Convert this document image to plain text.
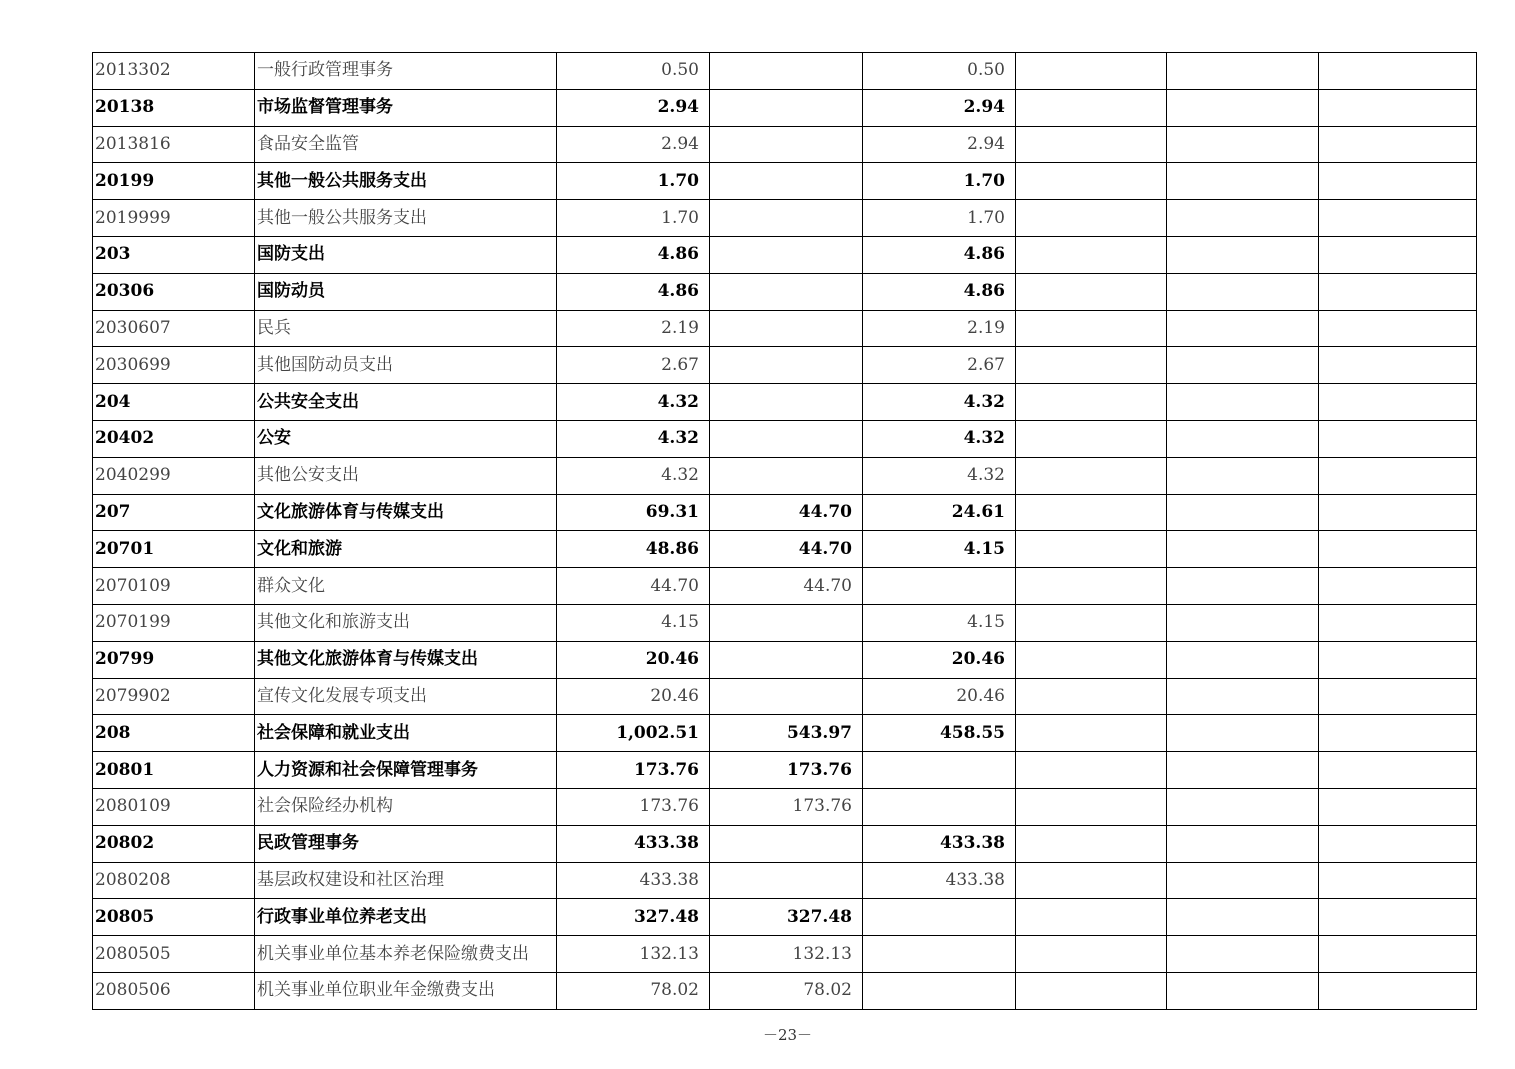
2013302	一般行政管理事务	0.50		0.50			
20138	市场监督管理事务	2.94		2.94			
2013816	食品安全监管	2.94		2.94			
20199	其他一般公共服务支出	1.70		1.70			
2019999	其他一般公共服务支出	1.70		1.70			
203	国防支出	4.86		4.86			
20306	国防动员	4.86		4.86			
2030607	民兵	2.19		2.19			
2030699	其他国防动员支出	2.67		2.67			
204	公共安全支出	4.32		4.32			
20402	公安	4.32		4.32			
2040299	其他公安支出	4.32		4.32			
207	文化旅游体育与传媒支出	69.31	44.70	24.61			
20701	文化和旅游	48.86	44.70	4.15			
2070109	群众文化	44.70	44.70				
2070199	其他文化和旅游支出	4.15		4.15			
20799	其他文化旅游体育与传媒支出	20.46		20.46			
2079902	宣传文化发展专项支出	20.46		20.46			
208	社会保障和就业支出	1,002.51	543.97	458.55			
20801	人力资源和社会保障管理事务	173.76	173.76				
2080109	社会保险经办机构	173.76	173.76				
20802	民政管理事务	433.38		433.38			
2080208	基层政权建设和社区治理	433.38		433.38			
20805	行政事业单位养老支出	327.48	327.48				
2080505	机关事业单位基本养老保险缴费支出	132.13	132.13				
2080506	机关事业单位职业年金缴费支出	78.02	78.02				
－23－
